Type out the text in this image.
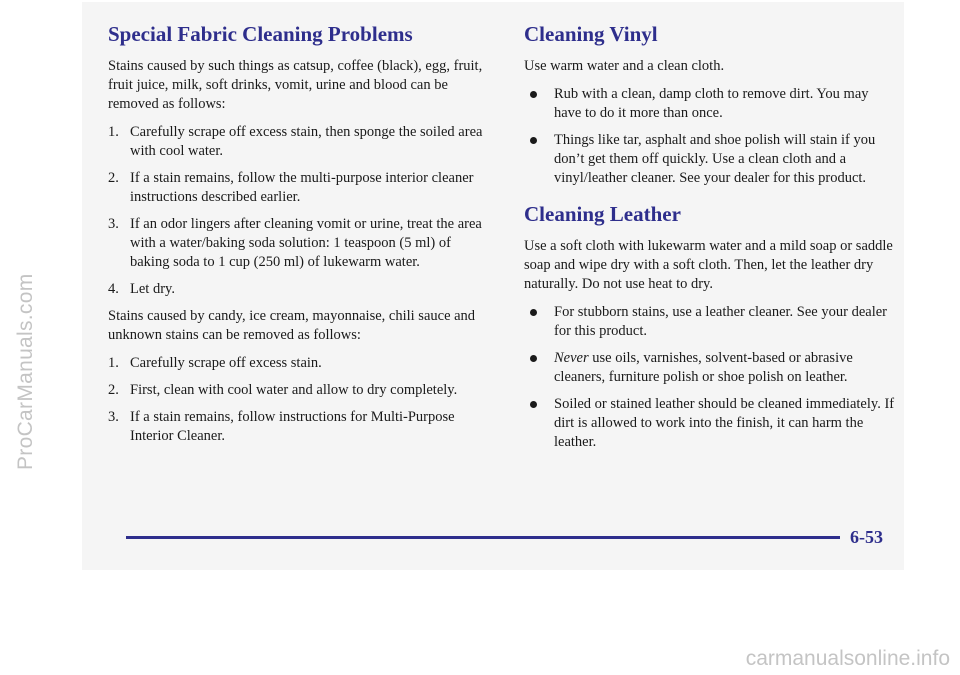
Special Fabric Cleaning Problems

Stains caused by such things as catsup, coffee (black), egg, fruit, fruit juice, milk, soft drinks, vomit, urine and blood can be removed as follows:

1. Carefully scrape off excess stain, then sponge the soiled area with cool water.
2. If a stain remains, follow the multi-purpose interior cleaner instructions described earlier.
3. If an odor lingers after cleaning vomit or urine, treat the area with a water/baking soda solution: 1 teaspoon (5 ml) of baking soda to 1 cup (250 ml) of lukewarm water.
4. Let dry.

Stains caused by candy, ice cream, mayonnaise, chili sauce and unknown stains can be removed as follows:

1. Carefully scrape off excess stain.
2. First, clean with cool water and allow to dry completely.
3. If a stain remains, follow instructions for Multi-Purpose Interior Cleaner.
Cleaning Vinyl

Use warm water and a clean cloth.

Rub with a clean, damp cloth to remove dirt. You may have to do it more than once.
Things like tar, asphalt and shoe polish will stain if you don’t get them off quickly. Use a clean cloth and a vinyl/leather cleaner. See your dealer for this product.
Cleaning Leather

Use a soft cloth with lukewarm water and a mild soap or saddle soap and wipe dry with a soft cloth. Then, let the leather dry naturally. Do not use heat to dry.

For stubborn stains, use a leather cleaner. See your dealer for this product.
Never use oils, varnishes, solvent-based or abrasive cleaners, furniture polish or shoe polish on leather.
Soiled or stained leather should be cleaned immediately. If dirt is allowed to work into the finish, it can harm the leather.
6-53
ProCarManuals.com
carmanualsonline.info
